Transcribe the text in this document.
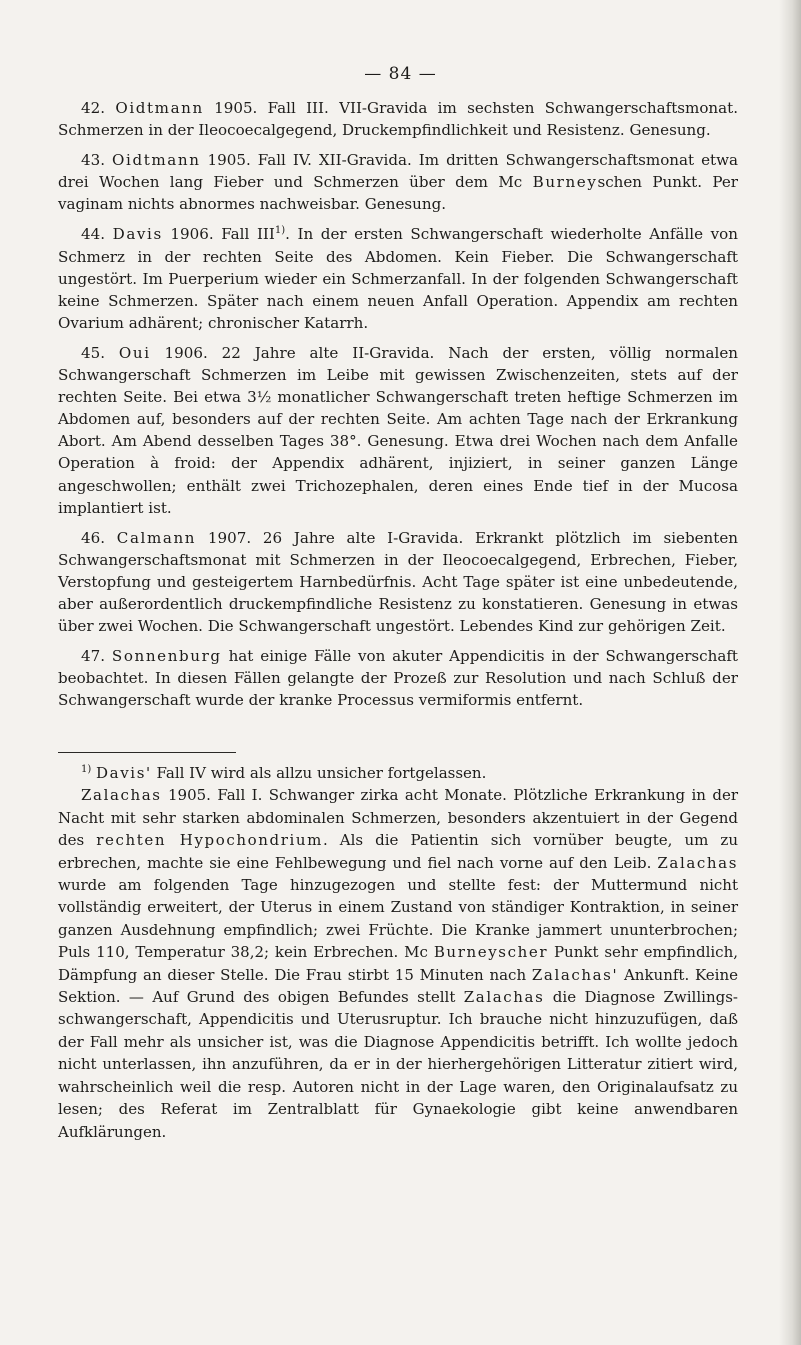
— 84 —

42. Oidtmann 1905. Fall III. VII-Gravida im sechsten Schwangerschaftsmonat. Schmerzen in der Ileocoecalgegend, Druckempfindlichkeit und Resistenz. Genesung.

43. Oidtmann 1905. Fall IV. XII-Gravida. Im dritten Schwangerschaftsmonat etwa drei Wochen lang Fieber und Schmerzen über dem Mc Burneyschen Punkt. Per vaginam nichts abnormes nachweisbar. Genesung.

44. Davis 1906. Fall III$^{1)}$. In der ersten Schwangerschaft wiederholte Anfälle von Schmerz in der rechten Seite des Abdomen. Kein Fieber. Die Schwangerschaft ungestört. Im Puerperium wieder ein Schmerzanfall. In der folgenden Schwangerschaft keine Schmerzen. Später nach einem neuen Anfall Operation. Appendix am rechten Ovarium adhärent; chronischer Katarrh.

45. Oui 1906. 22 Jahre alte II-Gravida. Nach der ersten, völlig normalen Schwangerschaft Schmerzen im Leibe mit gewissen Zwischenzeiten, stets auf der rechten Seite. Bei etwa 3½ monatlicher Schwangerschaft treten heftige Schmerzen im Abdomen auf, besonders auf der rechten Seite. Am achten Tage nach der Erkrankung Abort. Am Abend desselben Tages 38°. Genesung. Etwa drei Wochen nach dem Anfalle Operation à froid: der Appendix adhärent, injiziert, in seiner ganzen Länge angeschwollen; enthält zwei Trichozephalen, deren eines Ende tief in der Mucosa implantiert ist.

46. Calmann 1907. 26 Jahre alte I-Gravida. Erkrankt plötzlich im siebenten Schwangerschaftsmonat mit Schmerzen in der Ileocoecalgegend, Erbrechen, Fieber, Verstopfung und gesteigertem Harnbedürfnis. Acht Tage später ist eine unbedeutende, aber außerordentlich druckempfindliche Resistenz zu konstatieren. Genesung in etwas über zwei Wochen. Die Schwangerschaft ungestört. Lebendes Kind zur gehörigen Zeit.

47. Sonnenburg hat einige Fälle von akuter Appendicitis in der Schwangerschaft beobachtet. In diesen Fällen gelangte der Prozeß zur Resolution und nach Schluß der Schwangerschaft wurde der kranke Processus vermiformis entfernt.

$^{1)}$ Davis' Fall IV wird als allzu unsicher fortgelassen.

Zalachas 1905. Fall I. Schwanger zirka acht Monate. Plötzliche Erkrankung in der Nacht mit sehr starken abdominalen Schmerzen, besonders akzentuiert in der Gegend des rechten Hypochondrium. Als die Patientin sich vornüber beugte, um zu erbrechen, machte sie eine Fehlbewegung und fiel nach vorne auf den Leib. Zalachas wurde am folgenden Tage hinzugezogen und stellte fest: der Muttermund nicht vollständig erweitert, der Uterus in einem Zustand von ständiger Kontraktion, in seiner ganzen Ausdehnung empfindlich; zwei Früchte. Die Kranke jammert ununterbrochen; Puls 110, Temperatur 38,2; kein Erbrechen. Mc Burneyscher Punkt sehr empfindlich, Dämpfung an dieser Stelle. Die Frau stirbt 15 Minuten nach Zalachas' Ankunft. Keine Sektion. — Auf Grund des obigen Befundes stellt Zalachas die Diagnose Zwillingsschwangerschaft, Appendicitis und Uterusruptur. Ich brauche nicht hinzuzufügen, daß der Fall mehr als unsicher ist, was die Diagnose Appendicitis betrifft. Ich wollte jedoch nicht unterlassen, ihn anzuführen, da er in der hierhergehörigen Litteratur zitiert wird, wahrscheinlich weil die resp. Autoren nicht in der Lage waren, den Originalaufsatz zu lesen; des Referat im Zentralblatt für Gynaekologie gibt keine anwendbaren Aufklärungen.
